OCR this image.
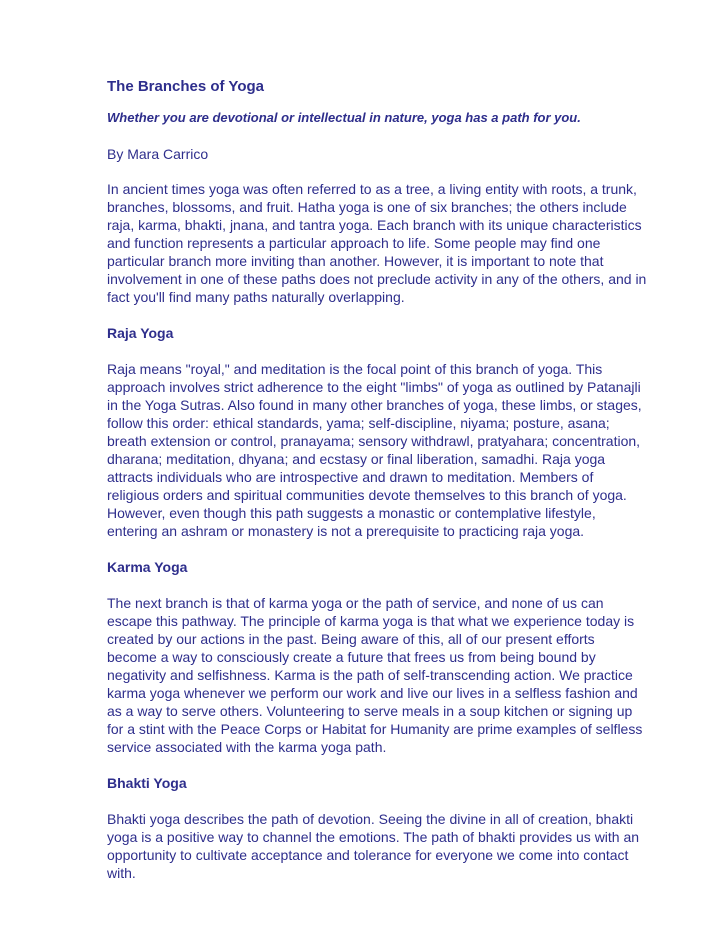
The Branches of Yoga
Whether you are devotional or intellectual in nature, yoga has a path for you.
By Mara Carrico
In ancient times yoga was often referred to as a tree, a living entity with roots, a trunk, branches, blossoms, and fruit. Hatha yoga is one of six branches; the others include raja, karma, bhakti, jnana, and tantra yoga. Each branch with its unique characteristics and function represents a particular approach to life. Some people may find one particular branch more inviting than another. However, it is important to note that involvement in one of these paths does not preclude activity in any of the others, and in fact you'll find many paths naturally overlapping.
Raja Yoga
Raja means "royal," and meditation is the focal point of this branch of yoga. This approach involves strict adherence to the eight "limbs" of yoga as outlined by Patanajli in the Yoga Sutras. Also found in many other branches of yoga, these limbs, or stages, follow this order: ethical standards, yama; self-discipline, niyama; posture, asana; breath extension or control, pranayama; sensory withdrawl, pratyahara; concentration, dharana; meditation, dhyana; and ecstasy or final liberation, samadhi. Raja yoga attracts individuals who are introspective and drawn to meditation. Members of religious orders and spiritual communities devote themselves to this branch of yoga. However, even though this path suggests a monastic or contemplative lifestyle, entering an ashram or monastery is not a prerequisite to practicing raja yoga.
Karma Yoga
The next branch is that of karma yoga or the path of service, and none of us can escape this pathway. The principle of karma yoga is that what we experience today is created by our actions in the past. Being aware of this, all of our present efforts become a way to consciously create a future that frees us from being bound by negativity and selfishness. Karma is the path of self-transcending action. We practice karma yoga whenever we perform our work and live our lives in a selfless fashion and as a way to serve others. Volunteering to serve meals in a soup kitchen or signing up for a stint with the Peace Corps or Habitat for Humanity are prime examples of selfless service associated with the karma yoga path.
Bhakti Yoga
Bhakti yoga describes the path of devotion. Seeing the divine in all of creation, bhakti yoga is a positive way to channel the emotions. The path of bhakti provides us with an opportunity to cultivate acceptance and tolerance for everyone we come into contact with.
